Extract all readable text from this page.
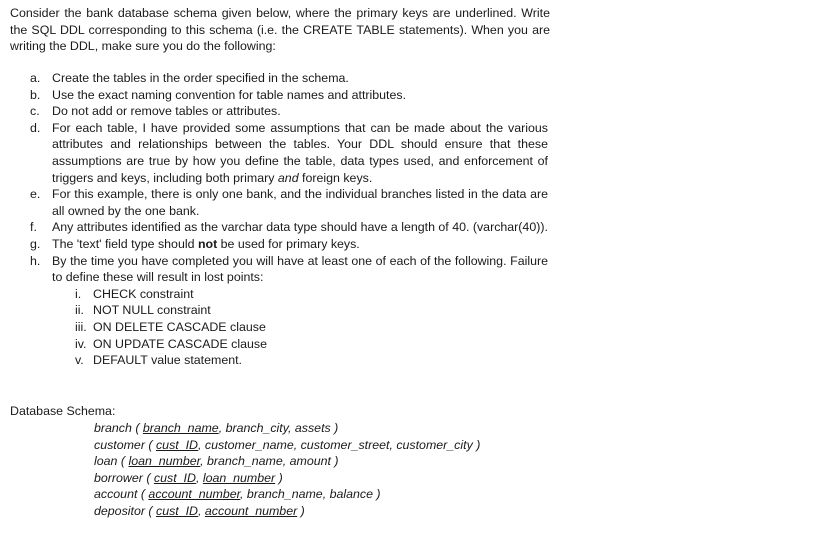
Consider the bank database schema given below, where the primary keys are underlined. Write the SQL DDL corresponding to this schema (i.e. the CREATE TABLE statements). When you are writing the DDL, make sure you do the following:
a. Create the tables in the order specified in the schema.
b. Use the exact naming convention for table names and attributes.
c. Do not add or remove tables or attributes.
d. For each table, I have provided some assumptions that can be made about the various attributes and relationships between the tables. Your DDL should ensure that these assumptions are true by how you define the table, data types used, and enforcement of triggers and keys, including both primary and foreign keys.
e. For this example, there is only one bank, and the individual branches listed in the data are all owned by the one bank.
f.	Any attributes identified as the varchar data type should have a length of 40. (varchar(40)).
g. The 'text' field type should not be used for primary keys.
h. By the time you have completed you will have at least one of each of the following. Failure to define these will result in lost points:
i. CHECK constraint
ii. NOT NULL constraint
iii. ON DELETE CASCADE clause
iv. ON UPDATE CASCADE clause
v. DEFAULT value statement.
Database Schema:
branch ( branch_name, branch_city, assets )
customer ( cust_ID, customer_name, customer_street, customer_city )
loan ( loan_number, branch_name, amount )
borrower ( cust_ID, loan_number )
account ( account_number, branch_name, balance )
depositor ( cust_ID, account_number )
